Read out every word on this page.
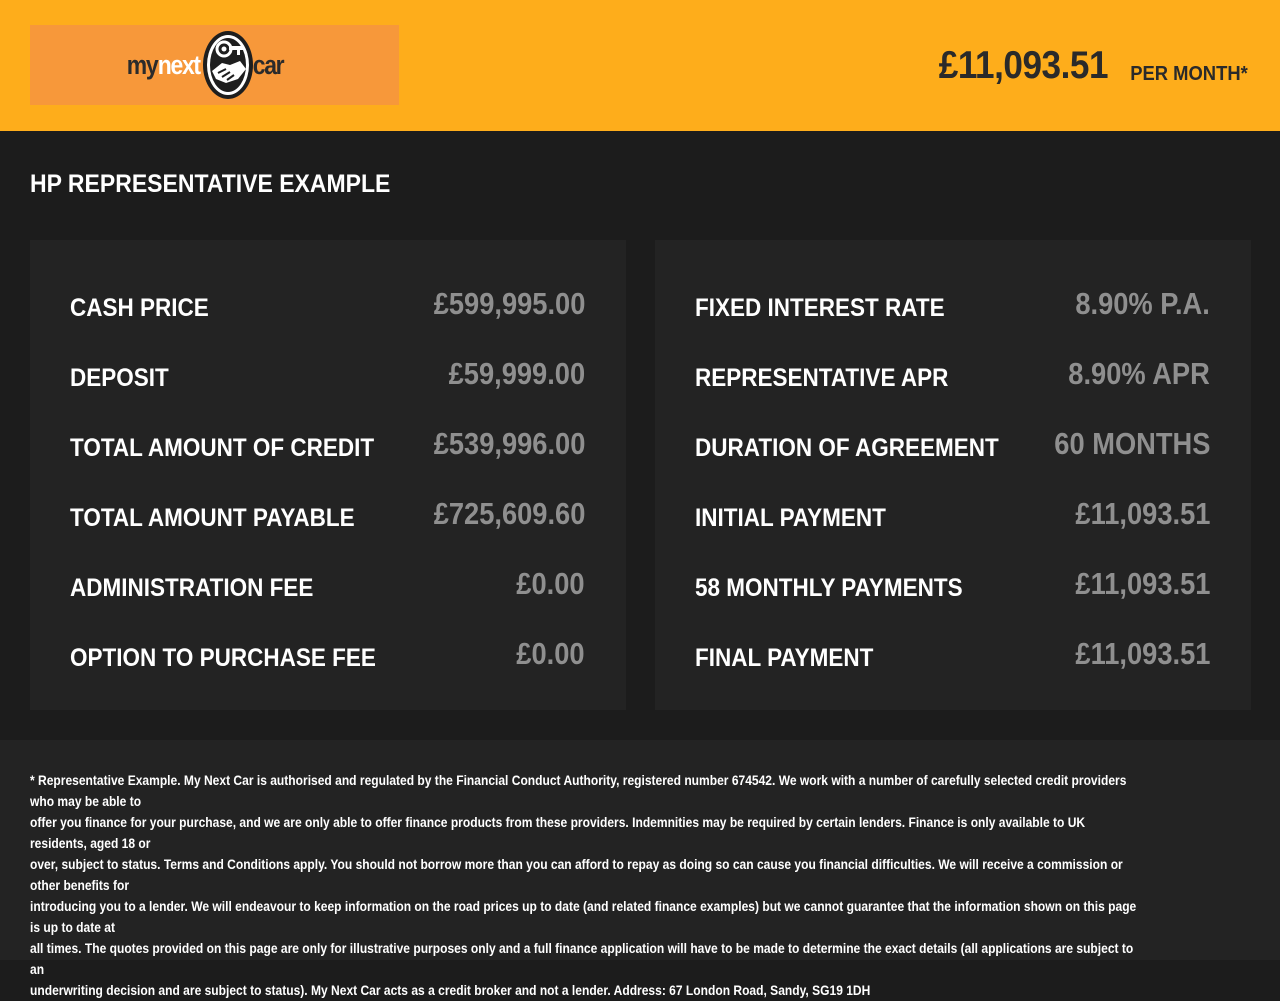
my next car	£11,093.51 PER MONTH*
HP REPRESENTATIVE EXAMPLE
CASH PRICE	£599,995.00
DEPOSIT	£59,999.00
TOTAL AMOUNT OF CREDIT £539,996.00
TOTAL AMOUNT PAYABLE	£725,609.60
ADMINISTRATION FEE	£0.00
OPTION TO PURCHASE FEE	£0.00
FIXED INTEREST RATE	8.90% P.A.
REPRESENTATIVE APR	8.90% APR
DURATION OF AGREEMENT 60 MONTHS
INITIAL PAYMENT	£11,093.51
58 MONTHLY PAYMENTS	£11,093.51
FINAL PAYMENT	£11,093.51
* Representative Example. My Next Car is authorised and regulated by the Financial Conduct Authority, registered number 674542. We work with a number of carefully selected credit providers who may be able to
offer you finance for your purchase, and we are only able to offer finance products from these providers. Indemnities may be required by certain lenders. Finance is only available to UK residents, aged 18 or
over, subject to status. Terms and Conditions apply. You should not borrow more than you can afford to repay as doing so can cause you financial difficulties. We will receive a commission or other benefits for
introducing you to a lender. We will endeavour to keep information on the road prices up to date (and related finance examples) but we cannot guarantee that the information shown on this page is up to date at
all times. The quotes provided on this page are only for illustrative purposes only and a full finance application will have to be made to determine the exact details (all applications are subject to an
underwriting decision and are subject to status). My Next Car acts as a credit broker and not a lender. Address: 67 London Road, Sandy, SG19 1DH
